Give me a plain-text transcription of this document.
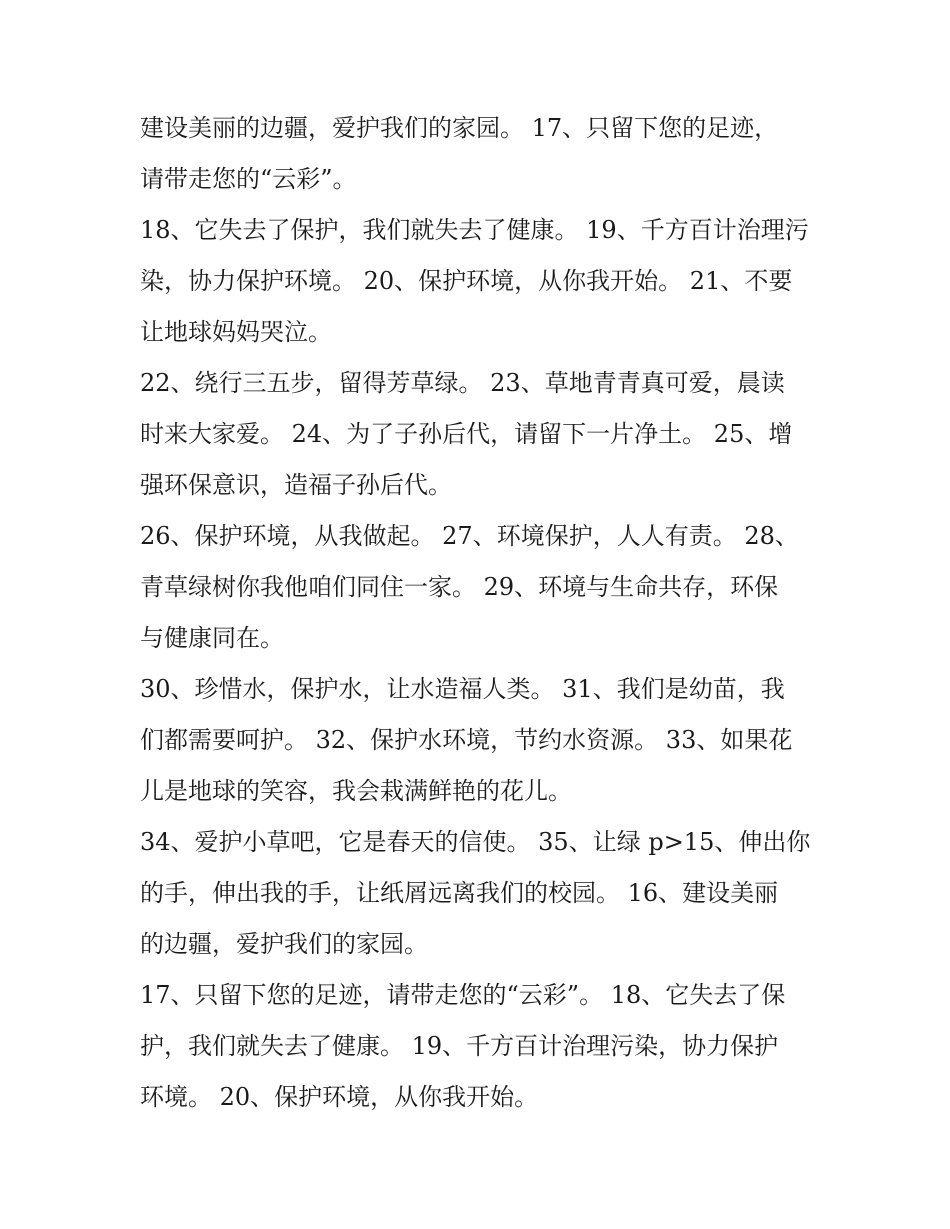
建设美丽的边疆，爱护我们的家园。 17、只留下您的足迹，
请带走您的“云彩”。

18、它失去了保护，我们就失去了健康。 19、千方百计治理污
染，协力保护环境。 20、保护环境，从你我开始。 21、不要
让地球妈妈哭泣。

22、绕行三五步，留得芳草绿。 23、草地青青真可爱，晨读
时来大家爱。 24、为了子孙后代，请留下一片净土。 25、增
强环保意识，造福子孙后代。

26、保护环境，从我做起。 27、环境保护，人人有责。 28、
青草绿树你我他咱们同住一家。 29、环境与生命共存，环保
与健康同在。

30、珍惜水，保护水，让水造福人类。 31、我们是幼苗，我
们都需要呵护。 32、保护水环境，节约水资源。 33、如果花
儿是地球的笑容，我会栽满鲜艳的花儿。

34、爱护小草吧，它是春天的信使。 35、让绿 p>15、伸出你
的手，伸出我的手，让纸屑远离我们的校园。 16、建设美丽
的边疆，爱护我们的家园。

17、只留下您的足迹，请带走您的“云彩”。 18、它失去了保
护，我们就失去了健康。 19、千方百计治理污染，协力保护
环境。 20、保护环境，从你我开始。
